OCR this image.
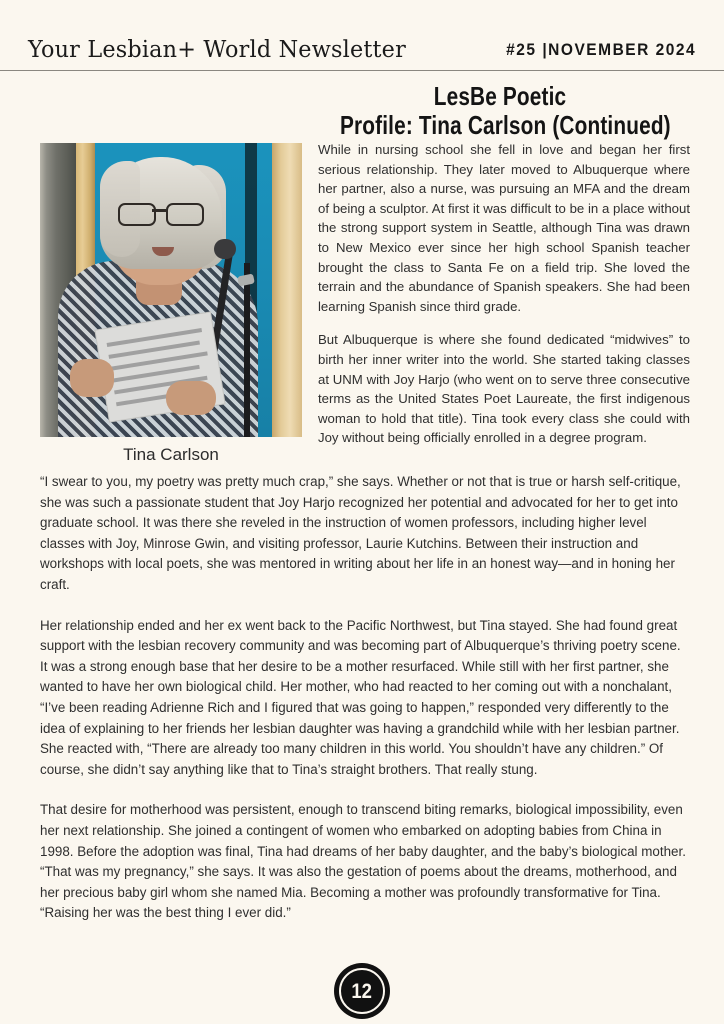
Your Lesbian+ World Newsletter	#25 |NOVEMBER 2024
LesBe Poetic
Profile: Tina Carlson (Continued)
Tina Carlson

While in nursing school she fell in love and began her first serious relationship. They later moved to Albuquerque where her partner, also a nurse, was pursuing an MFA and the dream of being a sculptor. At first it was difficult to be in a place without the strong support system in Seattle, although Tina was drawn to New Mexico ever since her high school Spanish teacher brought the class to Santa Fe on a field trip. She loved the terrain and the abundance of Spanish speakers. She had been learning Spanish since third grade.

But Albuquerque is where she found dedicated “midwives” to birth her inner writer into the world. She started taking classes at UNM with Joy Harjo (who went on to serve three consecutive terms as the United States Poet Laureate, the first indigenous woman to hold that title). Tina took every class she could with Joy without being officially enrolled in a degree program.

“I swear to you, my poetry was pretty much crap,” she says. Whether or not that is true or harsh self-critique, she was such a passionate student that Joy Harjo recognized her potential and advocated for her to get into graduate school. It was there she reveled in the instruction of women professors, including higher level classes with Joy, Minrose Gwin, and visiting professor, Laurie Kutchins. Between their instruction and workshops with local poets, she was mentored in writing about her life in an honest way—and in honing her craft.

Her relationship ended and her ex went back to the Pacific Northwest, but Tina stayed. She had found great support with the lesbian recovery community and was becoming part of Albuquerque’s thriving poetry scene. It was a strong enough base that her desire to be a mother resurfaced. While still with her first partner, she wanted to have her own biological child. Her mother, who had reacted to her coming out with a nonchalant, “I’ve been reading Adrienne Rich and I figured that was going to happen,” responded very differently to the idea of explaining to her friends her lesbian daughter was having a grandchild while with her lesbian partner. She reacted with, “There are already too many children in this world. You shouldn’t have any children.” Of course, she didn’t say anything like that to Tina’s straight brothers. That really stung.

That desire for motherhood was persistent, enough to transcend biting remarks, biological impossibility, even her next relationship. She joined a contingent of women who embarked on adopting babies from China in 1998. Before the adoption was final, Tina had dreams of her baby daughter, and the baby’s biological mother. “That was my pregnancy,” she says. It was also the gestation of poems about the dreams, motherhood, and her precious baby girl whom she named Mia. Becoming a mother was profoundly transformative for Tina. “Raising her was the best thing I ever did.”

12
